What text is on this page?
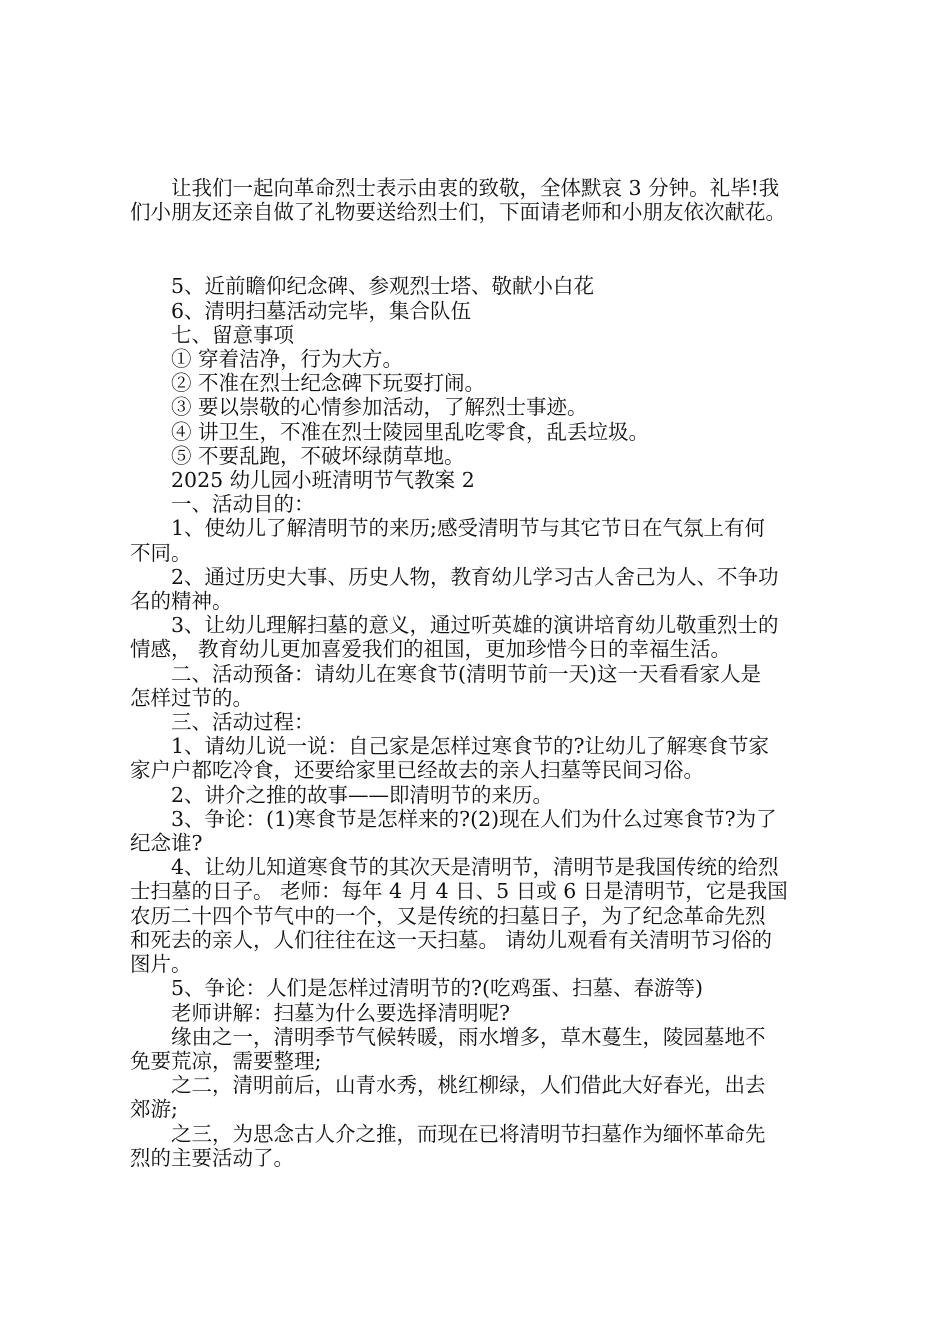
让我们一起向革命烈士表示由衷的致敬，全体默哀 3 分钟。礼毕!我
们小朋友还亲自做了礼物要送给烈士们，下面请老师和小朋友依次献花。
5、近前瞻仰纪念碑、参观烈士塔、敬献小白花
6、清明扫墓活动完毕，集合队伍
七、留意事项
① 穿着洁净，行为大方。
② 不准在烈士纪念碑下玩耍打闹。
③ 要以崇敬的心情参加活动，了解烈士事迹。
④ 讲卫生，不准在烈士陵园里乱吃零食，乱丢垃圾。
⑤ 不要乱跑，不破坏绿荫草地。
2025 幼儿园小班清明节气教案 2
一、活动目的：
1、使幼儿了解清明节的来历;感受清明节与其它节日在气氛上有何
不同。
2、通过历史大事、历史人物，教育幼儿学习古人舍己为人、不争功
名的精神。
3、让幼儿理解扫墓的意义，通过听英雄的演讲培育幼儿敬重烈士的
情感， 教育幼儿更加喜爱我们的祖国，更加珍惜今日的幸福生活。
二、活动预备：请幼儿在寒食节(清明节前一天)这一天看看家人是
怎样过节的。
三、活动过程：
1、请幼儿说一说：自己家是怎样过寒食节的?让幼儿了解寒食节家
家户户都吃冷食，还要给家里已经故去的亲人扫墓等民间习俗。
2、讲介之推的故事——即清明节的来历。
3、争论：(1)寒食节是怎样来的?(2)现在人们为什么过寒食节?为了
纪念谁?
4、让幼儿知道寒食节的其次天是清明节，清明节是我国传统的给烈
士扫墓的日子。 老师：每年 4 月 4 日、5 日或 6 日是清明节，它是我国
农历二十四个节气中的一个，又是传统的扫墓日子，为了纪念革命先烈
和死去的亲人，人们往往在这一天扫墓。 请幼儿观看有关清明节习俗的
图片。
5、争论：人们是怎样过清明节的?(吃鸡蛋、扫墓、春游等)
老师讲解：扫墓为什么要选择清明呢?
缘由之一，清明季节气候转暖，雨水增多，草木蔓生，陵园墓地不
免要荒凉，需要整理;
之二，清明前后，山青水秀，桃红柳绿，人们借此大好春光，出去
郊游;
之三，为思念古人介之推，而现在已将清明节扫墓作为缅怀革命先
烈的主要活动了。
